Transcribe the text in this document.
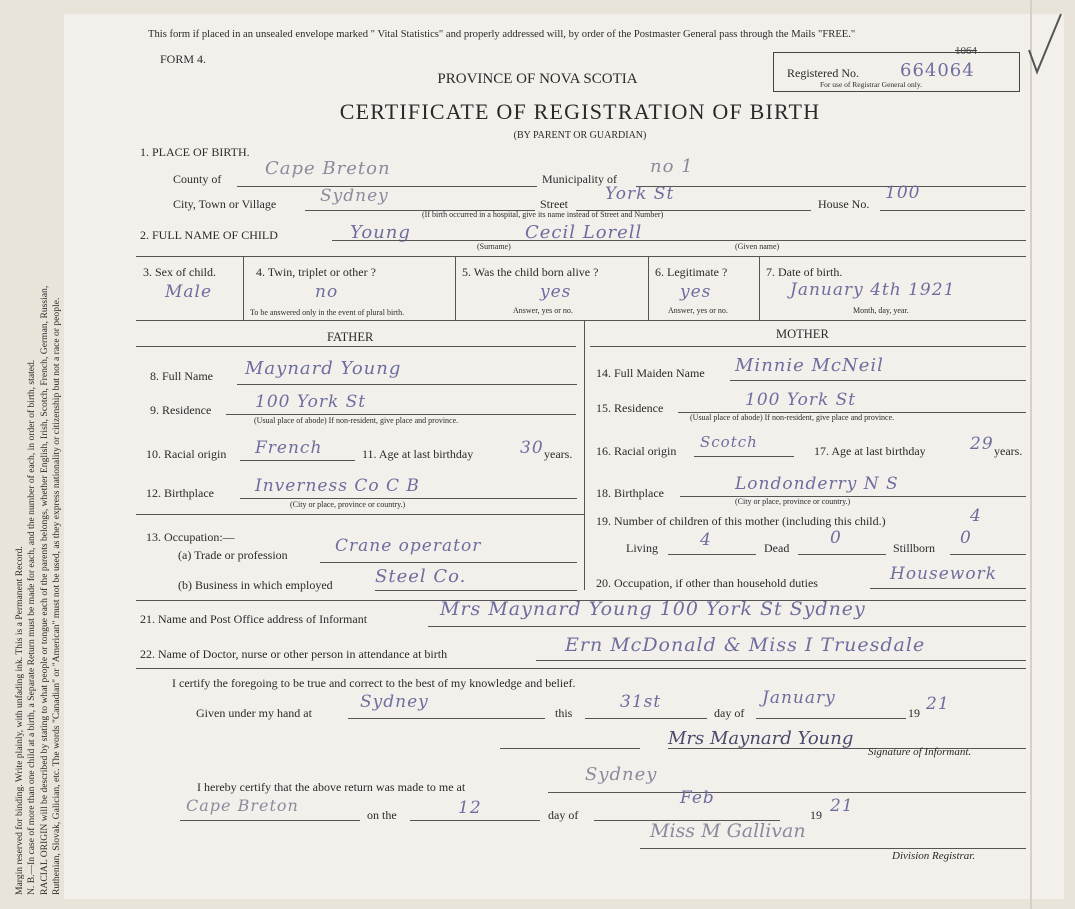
Margin reserved for binding. Write plainly, with unfading ink. This is a Permanent Record. N. B.—In case of more than one child at a birth, a Separate Return must be made for each, and the number of each, in order of birth, stated. RACIAL ORIGIN will be described by stating to what people or tongue each of the parents belongs, whether English, Irish, Scotch, French, German, Russian, Ruthenian, Slovak, Galician, etc. The words "Canadian" or "American" must not be used, as they express nationality or citizenship but not a race or people.
This form if placed in an unsealed envelope marked " Vital Statistics" and properly addressed will, by order of the Postmaster General pass through the Mails "FREE."
FORM 4.
PROVINCE OF NOVA SCOTIA
CERTIFICATE OF REGISTRATION OF BIRTH
(BY PARENT OR GUARDIAN)
Registered No. 664064
1064
For use of Registrar General only.
1. PLACE OF BIRTH.
County of Cape Breton	Municipality of
no 1
City, Town or Village	Sydney	Street York St	House No.
100
(If birth occurred in a hospital, give its name instead of Street and Number)
2. FULL NAME OF CHILD	Young	Cecil Lorell
(Surname)	(Given name)
3. Sex of child.
Male
4. Twin, triplet or other ?
no
To be answered only in the event of plural birth.
5. Was the child born alive ?
yes
Answer, yes or no.
6. Legitimate ?
yes
Answer, yes or no.
7. Date of birth.
January 4th 1921
Month, day, year.
FATHER	MOTHER
8. Full Name Maynard Young
9. Residence	100 York St
(Usual place of abode) If non-resident, give place and province.
10. Racial origin French	11. Age at last birthday	30 years.
12. Birthplace Inverness Co C B
(City or place, province or country.)
13. Occupation:—
(a) Trade or profession	Crane operator
(b) Business in which employed Steel Co.
14. Full Maiden Name Minnie McNeil
15. Residence	100 York St
(Usual place of abode) If non-resident, give place and province.
16. Racial origin Scotch	17. Age at last birthday	29 years.
18. Birthplace	Londonderry N S
(City or place, province or country.)
19. Number of children of this mother (including this child.)	4
Living 4	Dead 0	Stillborn 0
20. Occupation, if other than household duties	Housework
21. Name and Post Office address of Informant	Mrs Maynard Young 100 York St Sydney
22. Name of Doctor, nurse or other person in attendance at birth	Ern McDonald & Miss I Truesdale
I certify the foregoing to be true and correct to the best of my knowledge and belief.
Given under my hand at
Sydney
this
31st
day of
January
19 21
Mrs Maynard Young
Signature of Informant.
I hereby certify that the above return was made to me at
Sydney
Cape Breton	on the	12	day of
Feb
19 21
Miss M Gallivan
Division Registrar.
